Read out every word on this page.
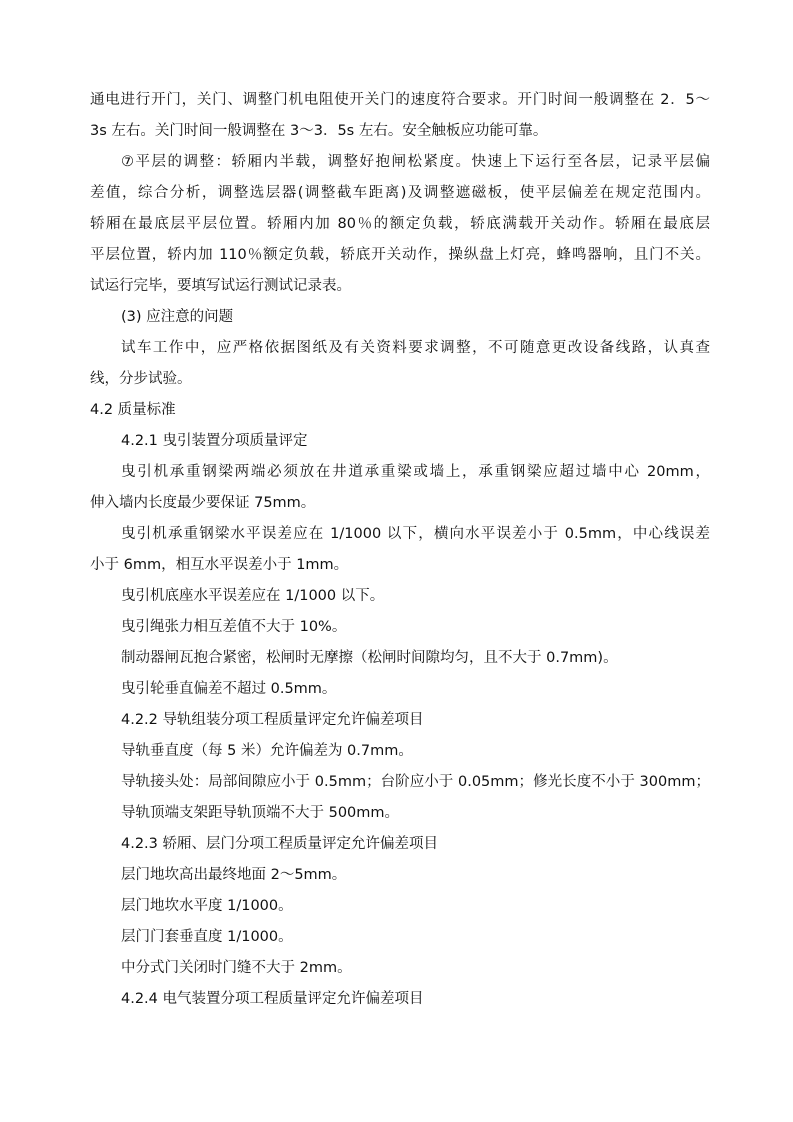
通电进行开门，关门、调整门机电阻使开关门的速度符合要求。开门时间一般调整在 2．5～

3s 左右。关门时间一般调整在 3～3．5s 左右。安全触板应功能可靠。

⑦平层的调整：轿厢内半载，调整好抱闸松紧度。快速上下运行至各层，记录平层偏

差值，综合分析，调整选层器(调整截车距离)及调整遮磁板，使平层偏差在规定范围内。

轿厢在最底层平层位置。轿厢内加 80％的额定负载，轿底满载开关动作。轿厢在最底层

平层位置，轿内加 110％额定负载，轿底开关动作，操纵盘上灯亮，蜂鸣器响，且门不关。

试运行完毕，要填写试运行测试记录表。

(3) 应注意的问题

试车工作中，应严格依据图纸及有关资料要求调整，不可随意更改设备线路，认真查

线，分步试验。

4.2 质量标准

4.2.1 曳引装置分项质量评定

曳引机承重钢梁两端必须放在井道承重梁或墙上，承重钢梁应超过墙中心 20mm，

伸入墙内长度最少要保证 75mm。

曳引机承重钢梁水平误差应在 1/1000 以下，横向水平误差小于 0.5mm，中心线误差

小于 6mm，相互水平误差小于 1mm。

曳引机底座水平误差应在 1/1000 以下。

曳引绳张力相互差值不大于 10%。

制动器闸瓦抱合紧密，松闸时无摩擦（松闸时间隙均匀，且不大于 0.7mm)。

曳引轮垂直偏差不超过 0.5mm。

4.2.2 导轨组装分项工程质量评定允许偏差项目

导轨垂直度（每 5 米）允许偏差为 0.7mm。

导轨接头处：局部间隙应小于 0.5mm；台阶应小于 0.05mm；修光长度不小于 300mm；

导轨顶端支架距导轨顶端不大于 500mm。

4.2.3 轿厢、层门分项工程质量评定允许偏差项目

层门地坎高出最终地面 2～5mm。

层门地坎水平度 1/1000。

层门门套垂直度 1/1000。

中分式门关闭时门缝不大于 2mm。

4.2.4 电气装置分项工程质量评定允许偏差项目
